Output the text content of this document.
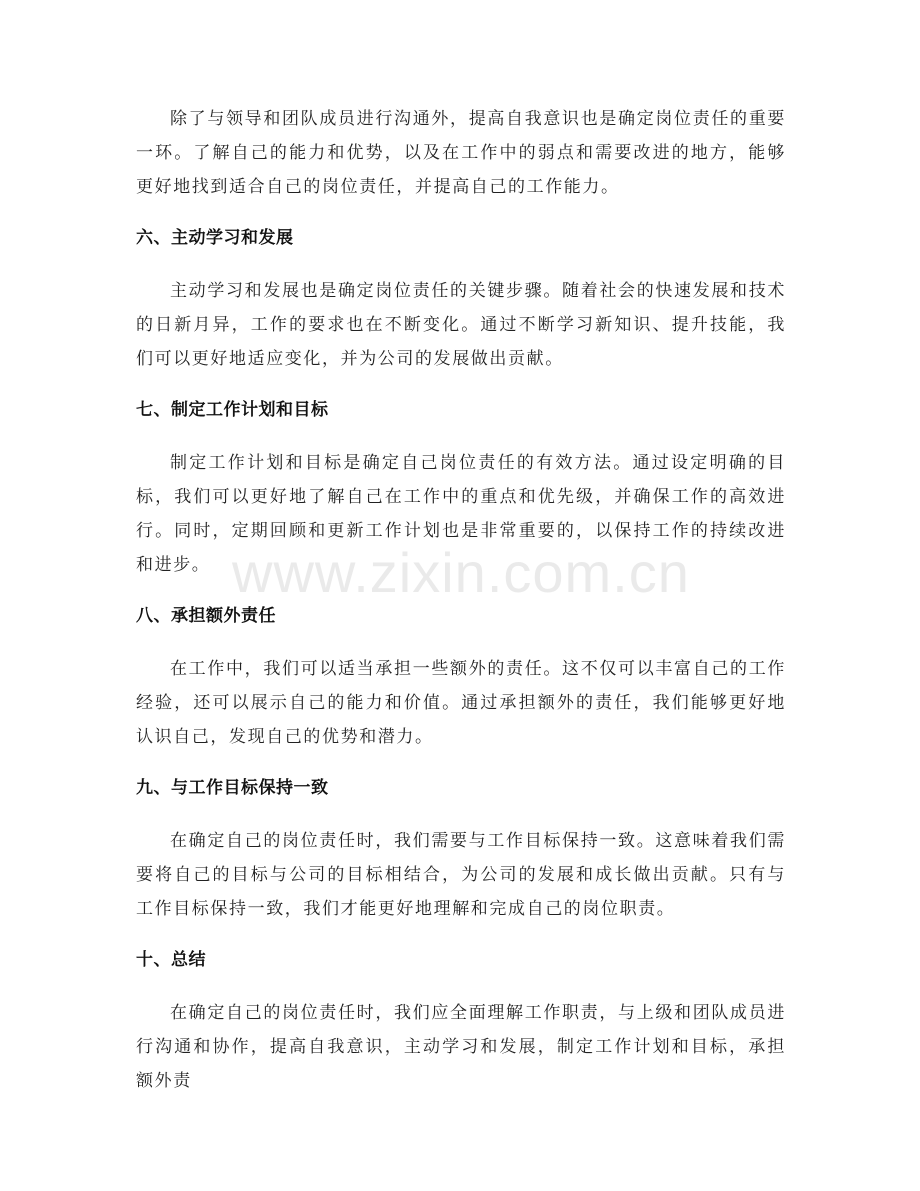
除了与领导和团队成员进行沟通外，提高自我意识也是确定岗位责任的重要一环。了解自己的能力和优势，以及在工作中的弱点和需要改进的地方，能够更好地找到适合自己的岗位责任，并提高自己的工作能力。

六、主动学习和发展

主动学习和发展也是确定岗位责任的关键步骤。随着社会的快速发展和技术的日新月异，工作的要求也在不断变化。通过不断学习新知识、提升技能，我们可以更好地适应变化，并为公司的发展做出贡献。

七、制定工作计划和目标

制定工作计划和目标是确定自己岗位责任的有效方法。通过设定明确的目标，我们可以更好地了解自己在工作中的重点和优先级，并确保工作的高效进行。同时，定期回顾和更新工作计划也是非常重要的，以保持工作的持续改进和进步。

八、承担额外责任

在工作中，我们可以适当承担一些额外的责任。这不仅可以丰富自己的工作经验，还可以展示自己的能力和价值。通过承担额外的责任，我们能够更好地认识自己，发现自己的优势和潜力。

九、与工作目标保持一致

在确定自己的岗位责任时，我们需要与工作目标保持一致。这意味着我们需要将自己的目标与公司的目标相结合，为公司的发展和成长做出贡献。只有与工作目标保持一致，我们才能更好地理解和完成自己的岗位职责。

十、总结

在确定自己的岗位责任时，我们应全面理解工作职责，与上级和团队成员进行沟通和协作，提高自我意识，主动学习和发展，制定工作计划和目标，承担额外责

www.zixin.com.cn
